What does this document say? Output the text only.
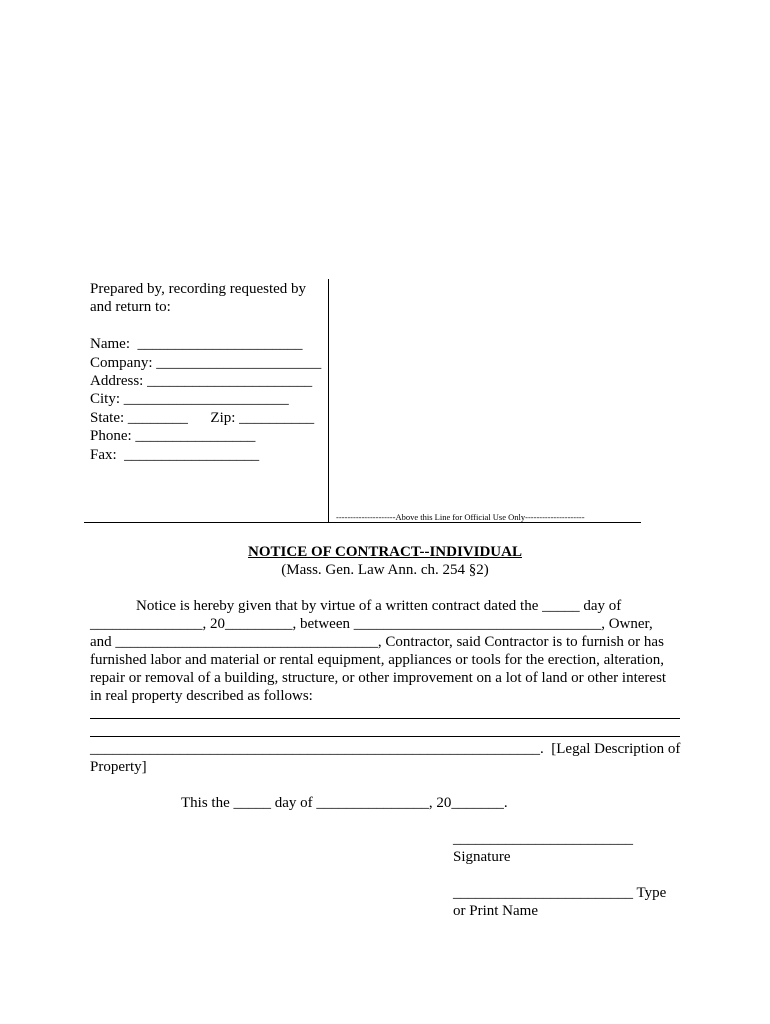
Prepared by, recording requested by
and return to:

Name:  ______________________
Company: ______________________
Address: ______________________
City: ______________________
State: ________      Zip: __________
Phone: ________________
Fax:  __________________
---------------------Above this Line for Official Use Only---------------------
NOTICE OF CONTRACT--INDIVIDUAL
(Mass. Gen. Law Ann. ch. 254 §2)
Notice is hereby given that by virtue of a written contract dated the _____ day of
_______________, 20_________, between _________________________________, Owner,
and ___________________________________, Contractor, said Contractor is to furnish or has
furnished labor and material or rental equipment, appliances or tools for the erection, alteration,
repair or removal of a building, structure, or other improvement on a lot of land or other interest
in real property described as follows:
____________________________________________________________.  [Legal Description of
Property]
This the _____ day of _______________, 20_______.
________________________
Signature
________________________ Type
or Print Name
